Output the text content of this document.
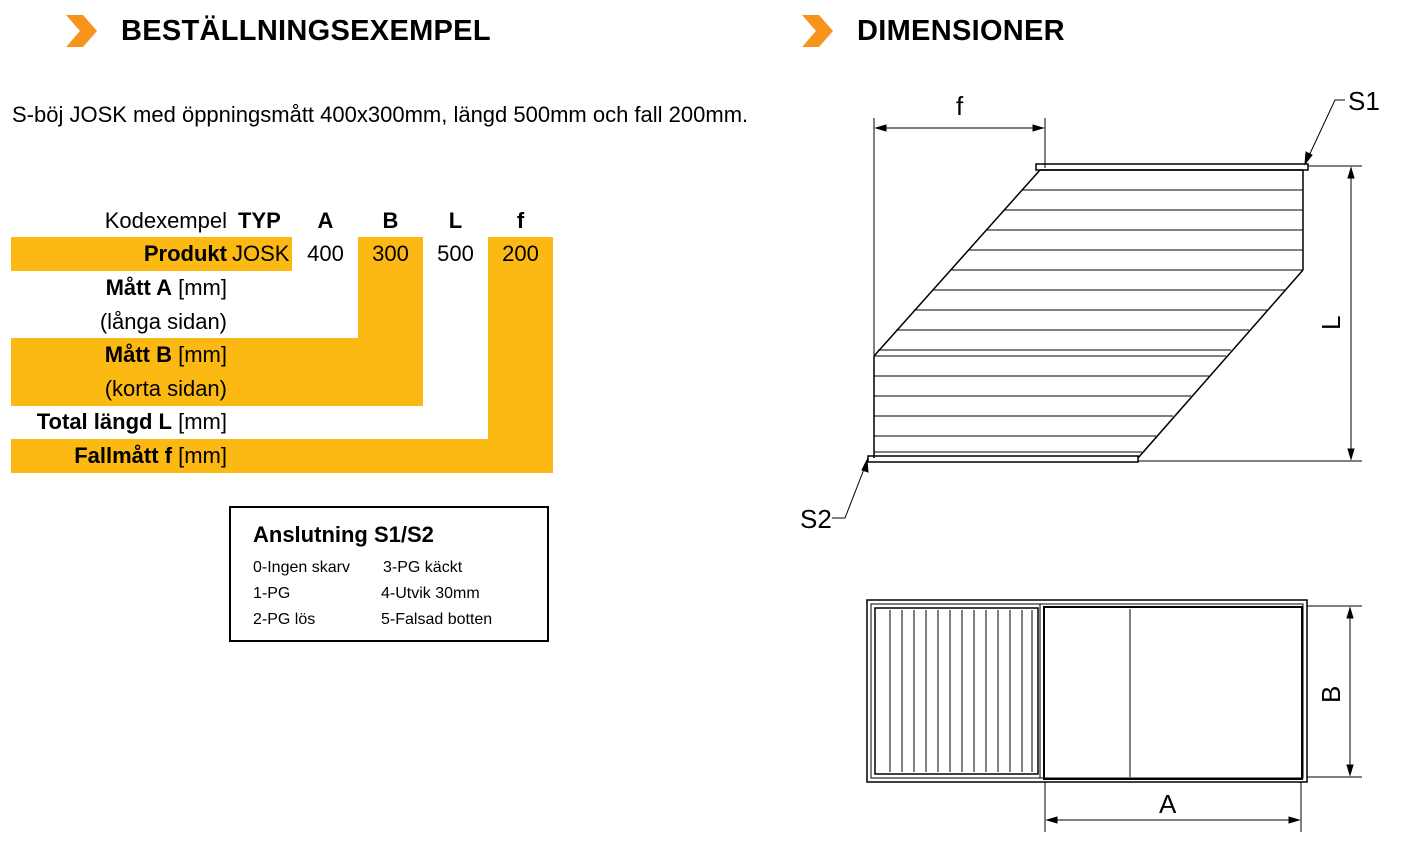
BESTÄLLNINGSEXEMPEL	DIMENSIONER

S-böj JOSK med öppningsmått 400x300mm, längd 500mm och fall 200mm.

Kodexempel TYP	A	B	L	f
Produkt JOSK 400	300	500	200
Mått A [mm]
(långa sidan)
Mått B [mm]
(korta sidan)
Total längd L [mm]
Fallmått f [mm]

Anslutning S1/S2

0-Ingen skarv
1-PG
2-PG lös
3-PG käckt
4-Utvik 30mm
5-Falsad botten
f	S1
S2
L
B
A
